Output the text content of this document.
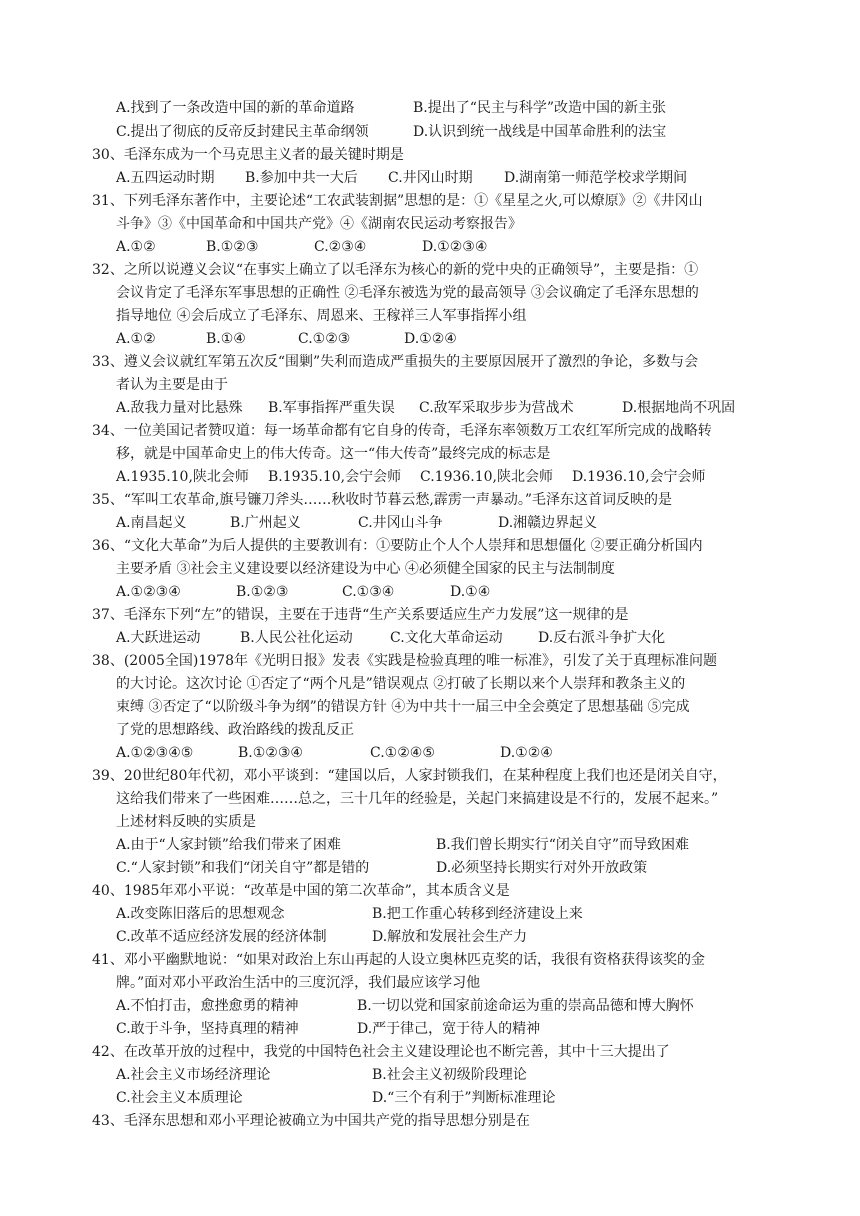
A.找到了一条改造中国的新的革命道路	B.提出了“民主与科学”改造中国的新主张
C.提出了彻底的反帝反封建民主革命纲领	D.认识到统一战线是中国革命胜利的法宝
30、毛泽东成为一个马克思主义者的最关键时期是
A.五四运动时期 B.参加中共一大后 C.井冈山时期 D.湖南第一师范学校求学期间
31、下列毛泽东著作中，主要论述“工农武装割据”思想的是：①《星星之火,可以燎原》②《井冈山
斗争》③《中国革命和中国共产党》④《湖南农民运动考察报告》
A.①②	B.①②③	C.②③④	D.①②③④
32、之所以说遵义会议“在事实上确立了以毛泽东为核心的新的党中央的正确领导”，主要是指：①
会议肯定了毛泽东军事思想的正确性 ②毛泽东被选为党的最高领导 ③会议确定了毛泽东思想的
指导地位 ④会后成立了毛泽东、周恩来、王稼祥三人军事指挥小组
A.①②	B.①④	C.①②③	D.①②④
33、遵义会议就红军第五次反“围剿”失利而造成严重损失的主要原因展开了激烈的争论，多数与会
者认为主要是由于
A.敌我力量对比悬殊 B.军事指挥严重失误 C.敌军采取步步为营战术	D.根据地尚不巩固
34、一位美国记者赞叹道：每一场革命都有它自身的传奇，毛泽东率领数万工农红军所完成的战略转
移，就是中国革命史上的伟大传奇。这一“伟大传奇”最终完成的标志是
A.1935.10,陕北会师 B.1935.10,会宁会师 C.1936.10,陕北会师 D.1936.10,会宁会师
35、“军叫工农革命,旗号镰刀斧头……秋收时节暮云愁,霹雳一声暴动。”毛泽东这首词反映的是
A.南昌起义	B.广州起义	C.井冈山斗争	D.湘赣边界起义
36、“文化大革命”为后人提供的主要教训有：①要防止个人个人崇拜和思想僵化 ②要正确分析国内
主要矛盾 ③社会主义建设要以经济建设为中心 ④必须健全国家的民主与法制制度
A.①②③④	B.①②③	C.①③④	D.①④
37、毛泽东下列“左”的错误，主要在于违背“生产关系要适应生产力发展”这一规律的是
A.大跃进运动	B.人民公社化运动	C.文化大革命运动	D.反右派斗争扩大化
38、(2005全国)1978年《光明日报》发表《实践是检验真理的唯一标准》，引发了关于真理标准问题
的大讨论。这次讨论 ①否定了“两个凡是”错误观点 ②打破了长期以来个人崇拜和教条主义的
束缚 ③否定了“以阶级斗争为纲”的错误方针 ④为中共十一届三中全会奠定了思想基础 ⑤完成
了党的思想路线、政治路线的拨乱反正
A.①②③④⑤	B.①②③④	C.①②④⑤	D.①②④
39、20世纪80年代初，邓小平谈到：“建国以后，人家封锁我们，在某种程度上我们也还是闭关自守，
这给我们带来了一些困难……总之，三十几年的经验是，关起门来搞建设是不行的，发展不起来。”
上述材料反映的实质是
A.由于“人家封锁”给我们带来了困难	B.我们曾长期实行“闭关自守”而导致困难
C.“人家封锁”和我们“闭关自守”都是错的	D.必须坚持长期实行对外开放政策
40、1985年邓小平说：“改革是中国的第二次革命”，其本质含义是
A.改变陈旧落后的思想观念	B.把工作重心转移到经济建设上来
C.改革不适应经济发展的经济体制	D.解放和发展社会生产力
41、邓小平幽默地说：“如果对政治上东山再起的人设立奥林匹克奖的话，我很有资格获得该奖的金
牌。”面对邓小平政治生活中的三度沉浮，我们最应该学习他
A.不怕打击，愈挫愈勇的精神	B.一切以党和国家前途命运为重的崇高品德和博大胸怀
C.敢于斗争，坚持真理的精神	D.严于律己，宽于待人的精神
42、在改革开放的过程中，我党的中国特色社会主义建设理论也不断完善，其中十三大提出了
A.社会主义市场经济理论	B.社会主义初级阶段理论
C.社会主义本质理论	D.“三个有利于”判断标准理论
43、毛泽东思想和邓小平理论被确立为中国共产党的指导思想分别是在
